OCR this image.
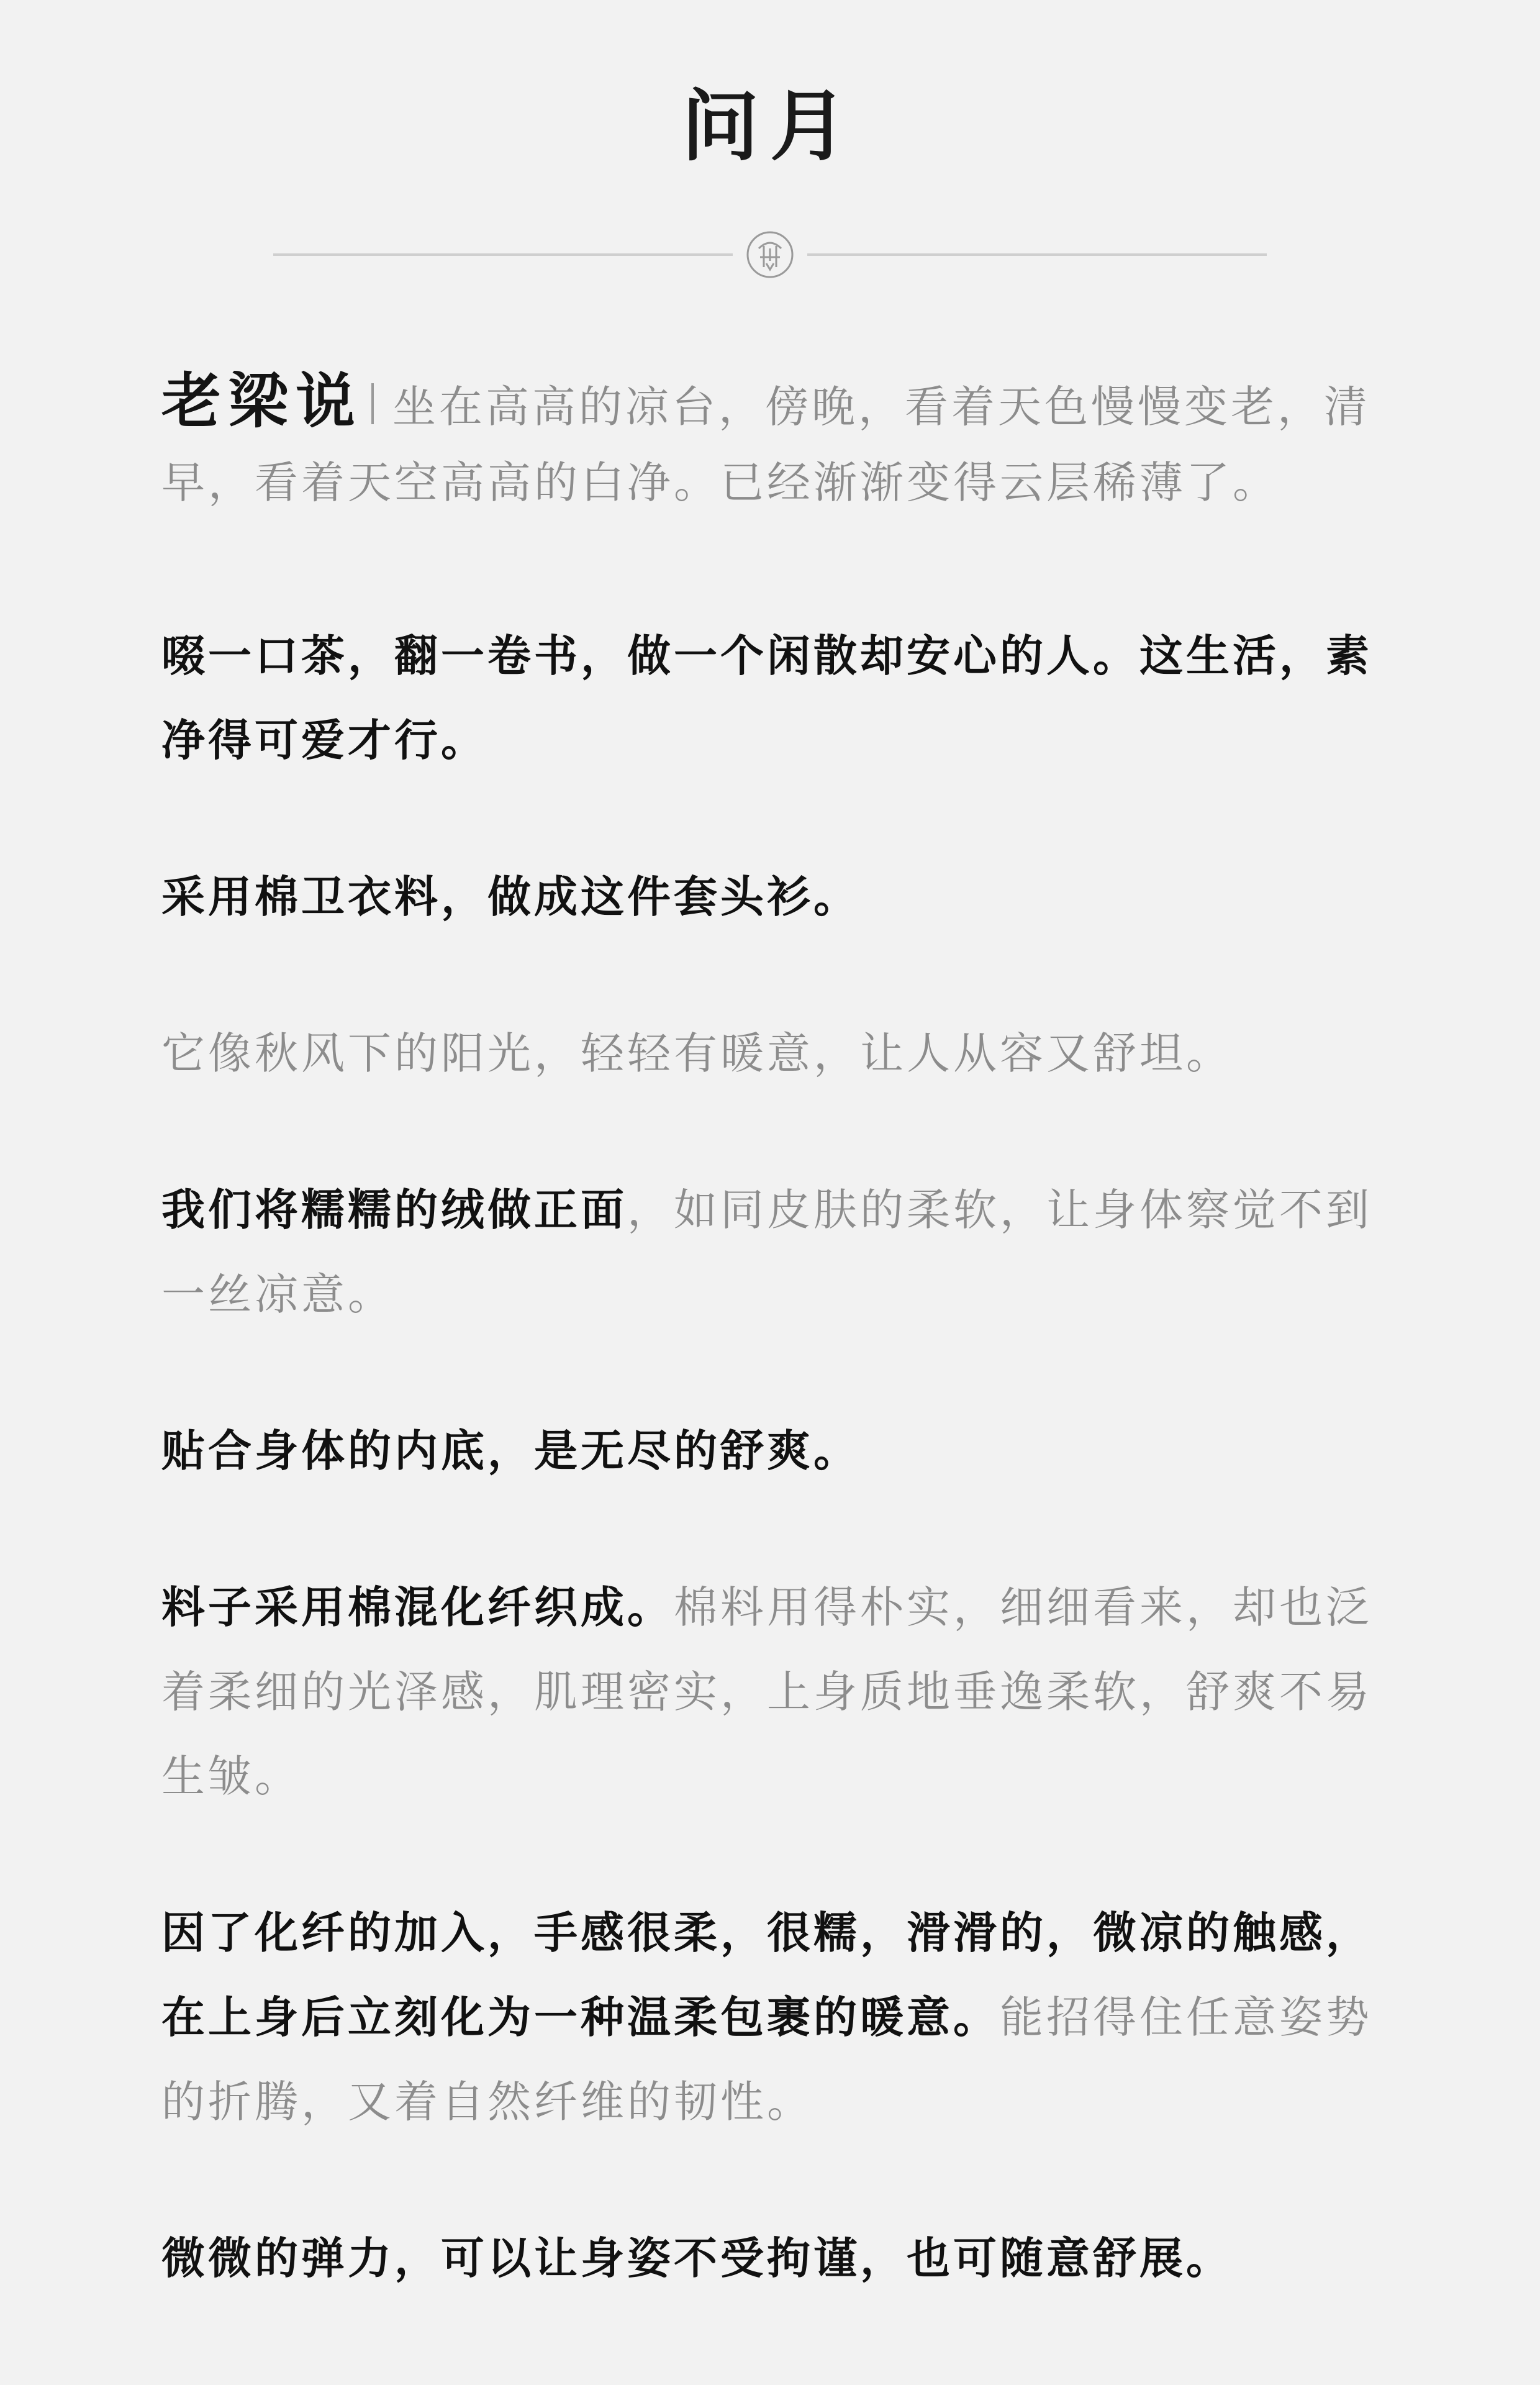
问月

老梁说 坐在高高的凉台，傍晚，看着天色慢慢变老，清早，看着天空高高的白净。已经渐渐变得云层稀薄了。

啜一口茶，翻一卷书，做一个闲散却安心的人。这生活，素净得可爱才行。

采用棉卫衣料，做成这件套头衫。

它像秋风下的阳光，轻轻有暖意，让人从容又舒坦。

我们将糯糯的绒做正面，如同皮肤的柔软，让身体察觉不到一丝凉意。

贴合身体的内底，是无尽的舒爽。

料子采用棉混化纤织成。棉料用得朴实，细细看来，却也泛着柔细的光泽感，肌理密实，上身质地垂逸柔软，舒爽不易生皱。

因了化纤的加入，手感很柔，很糯，滑滑的，微凉的触感，在上身后立刻化为一种温柔包裹的暖意。能招得住任意姿势的折腾，又着自然纤维的韧性。

微微的弹力，可以让身姿不受拘谨，也可随意舒展。
